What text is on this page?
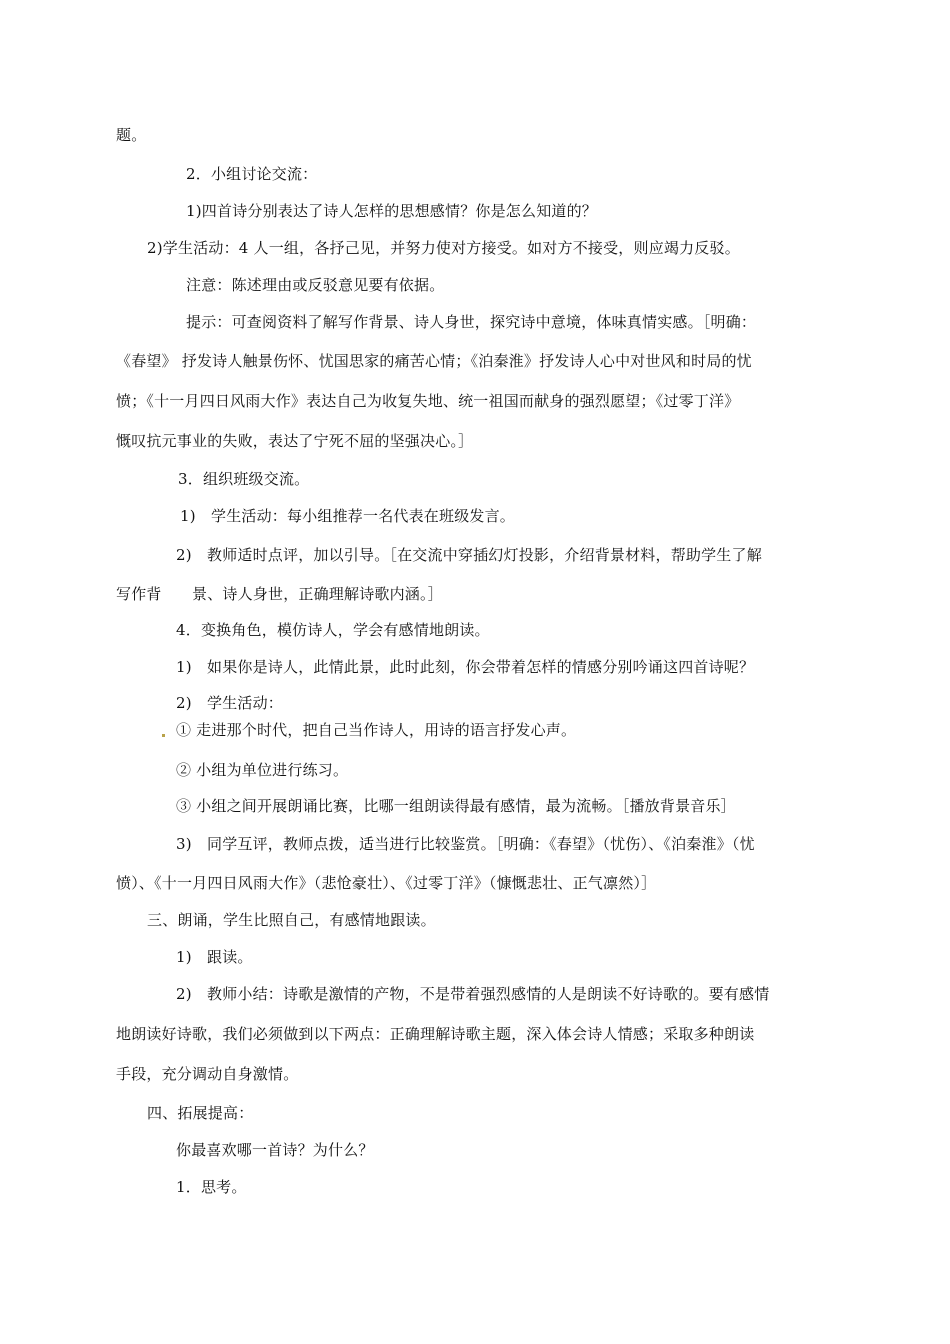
题。
2．小组讨论交流：
1)四首诗分别表达了诗人怎样的思想感情？你是怎么知道的？
2)学生活动：4 人一组，各抒己见，并努力使对方接受。如对方不接受，则应竭力反驳。
注意：陈述理由或反驳意见要有依据。
提示：可查阅资料了解写作背景、诗人身世，探究诗中意境，体味真情实感。［明确：
《春望》 抒发诗人触景伤怀、忧国思家的痛苦心情；《泊秦淮》抒发诗人心中对世风和时局的忧
愤；《十一月四日风雨大作》表达自己为收复失地、统一祖国而献身的强烈愿望；《过零丁洋》
慨叹抗元事业的失败，表达了宁死不屈的坚强决心。］
3．组织班级交流。
1)　学生活动：每小组推荐一名代表在班级发言。
2)　教师适时点评，加以引导。［在交流中穿插幻灯投影，介绍背景材料，帮助学生了解
写作背　　景、诗人身世，正确理解诗歌内涵。］
4．变换角色，模仿诗人，学会有感情地朗读。
1)　如果你是诗人，此情此景，此时此刻，你会带着怎样的情感分别吟诵这四首诗呢？
2)　学生活动：
① 走进那个时代，把自己当作诗人，用诗的语言抒发心声。
② 小组为单位进行练习。
③ 小组之间开展朗诵比赛，比哪一组朗读得最有感情，最为流畅。［播放背景音乐］
3)　同学互评，教师点拨，适当进行比较鉴赏。［明确：《春望》（忧伤）、《泊秦淮》（忧
愤）、《十一月四日风雨大作》（悲怆豪壮）、《过零丁洋》（慷慨悲壮、正气凛然）］
三、朗诵，学生比照自己，有感情地跟读。
1)　跟读。
2)　教师小结：诗歌是激情的产物，不是带着强烈感情的人是朗读不好诗歌的。要有感情
地朗读好诗歌，我们必须做到以下两点：正确理解诗歌主题，深入体会诗人情感；采取多种朗读
手段，充分调动自身激情。
四、拓展提高：
你最喜欢哪一首诗？为什么？
1．思考。
